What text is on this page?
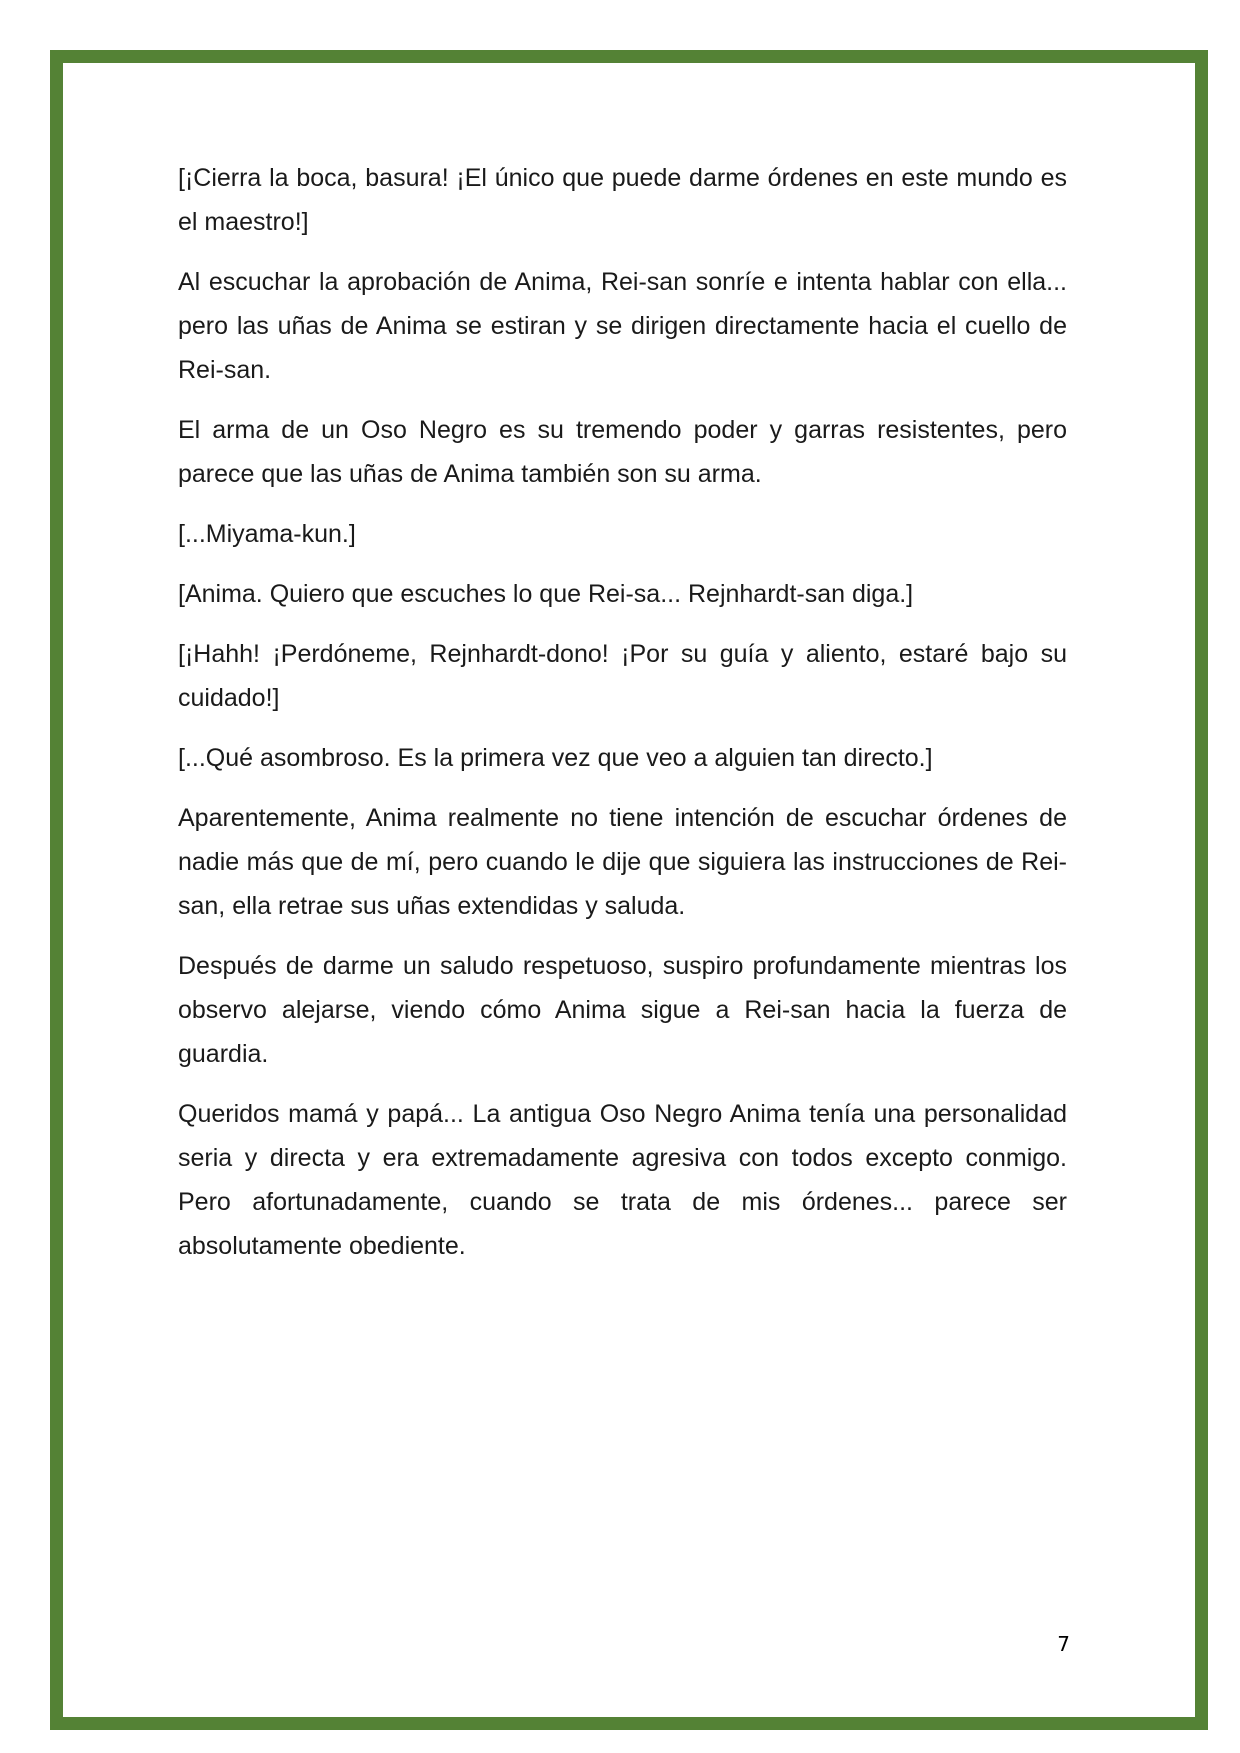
[¡Cierra la boca, basura! ¡El único que puede darme órdenes en este mundo es el maestro!]

Al escuchar la aprobación de Anima, Rei-san sonríe e intenta hablar con ella... pero las uñas de Anima se estiran y se dirigen directamente hacia el cuello de Rei-san.

El arma de un Oso Negro es su tremendo poder y garras resistentes, pero parece que las uñas de Anima también son su arma.

[...Miyama-kun.]

[Anima. Quiero que escuches lo que Rei-sa... Rejnhardt-san diga.]

[¡Hahh! ¡Perdóneme, Rejnhardt-dono! ¡Por su guía y aliento, estaré bajo su cuidado!]

[...Qué asombroso. Es la primera vez que veo a alguien tan directo.]

Aparentemente, Anima realmente no tiene intención de escuchar órdenes de nadie más que de mí, pero cuando le dije que siguiera las instrucciones de Rei-san, ella retrae sus uñas extendidas y saluda.

Después de darme un saludo respetuoso, suspiro profundamente mientras los observo alejarse, viendo cómo Anima sigue a Rei-san hacia la fuerza de guardia.

Queridos mamá y papá... La antigua Oso Negro Anima tenía una personalidad seria y directa y era extremadamente agresiva con todos excepto conmigo. Pero afortunadamente, cuando se trata de mis órdenes... parece ser absolutamente obediente.

7
